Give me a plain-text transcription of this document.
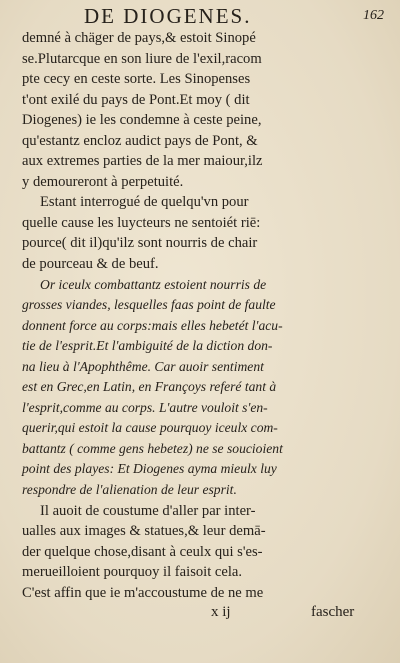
DE DIOGENES.	162
demné à chäger de pays,& estoit Sinopé
se.Plutarcque en son liure de l'exil,racom
pte cecy en ceste sorte. Les Sinopenses
t'ont exilé du pays de Pont.Et moy ( dit
Diogenes) ie les condemne à ceste peine,
qu'estantz encloz audict pays de Pont, &
aux extremes parties de la mer maiour,ilz
y demoureront à perpetuité.
Estant interrogué de quelqu'vn pour
quelle cause les luycteurs ne sentoiét riē:
pource( dit il)qu'ilz sont nourris de chair
de pourceau & de beuf.
Or iceulx combattantz estoient nourris de
grosses viandes, lesquelles faas point de faulte
donnent force au corps:mais elles hebetét l'acu-
tie de l'esprit.Et l'ambiguité de la diction don-
na lieu à l'Apophthême. Car auoir sentiment
est en Grec,en Latin, en Françoys referé tant à
l'esprit,comme au corps. L'autre vouloit s'en-
querir,qui estoit la cause pourquoy iceulx com-
battantz ( comme gens hebetez) ne se soucioient
point des playes: Et Diogenes ayma mieulx luy
respondre de l'alienation de leur esprit.
Il auoit de coustume d'aller par inter-
ualles aux images & statues,& leur demā-
der quelque chose,disant à ceulx qui s'es-
merueilloient pourquoy il faisoit cela.
C'est affin que ie m'accoustume de ne me
x ij	fascher
